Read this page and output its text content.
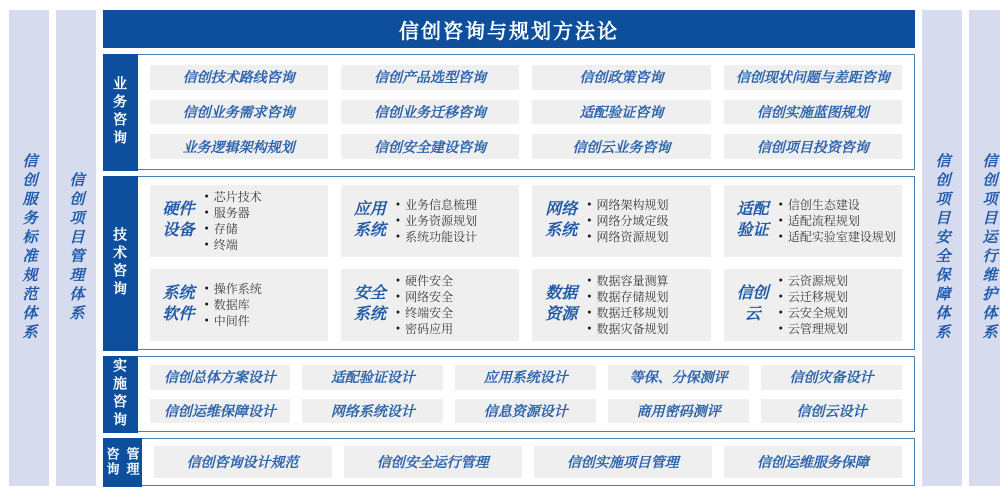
信创服务标准规范体系 信创项目管理体系
信创咨询与规划方法论
业务咨询	信创技术路线咨询	信创产品选型咨询	信创政策咨询	信创现状问题与差距咨询
信创业务需求咨询	信创业务迁移咨询	适配验证咨询	信创实施蓝图规划
业务逻辑架构规划	信创安全建设咨询	信创云业务咨询	信创项目投资咨询
技术咨询
硬件设备
● 芯片技术
● 服务器
● 存储
● 终端
应用系统
● 业务信息梳理
● 业务资源规划
● 系统功能设计
网络系统
● 网络架构规划
● 网络分域定级
● 网络资源规划
适配验证
● 信创生态建设
● 适配流程规划
● 适配实验室建设规划
系统软件
● 操作系统
● 数据库
● 中间件
安全系统
● 硬件安全
● 网络安全
● 终端安全
● 密码应用
数据资源
● 数据容量测算
● 数据存储规划
● 数据迁移规划
● 数据灾备规划
信创云
● 云资源规划
● 云迁移规划
● 云安全规划
● 云管理规划
实施咨询	信创总体方案设计	适配验证设计	应用系统设计	等保、分保测评	信创灾备设计
信创运维保障设计	网络系统设计	信息资源设计	商用密码测评	信创云设计
咨询 管理	信创咨询设计规范	信创安全运行管理	信创实施项目管理	信创运维服务保障
信创项目安全保障体系 信创项目运行维护体系
